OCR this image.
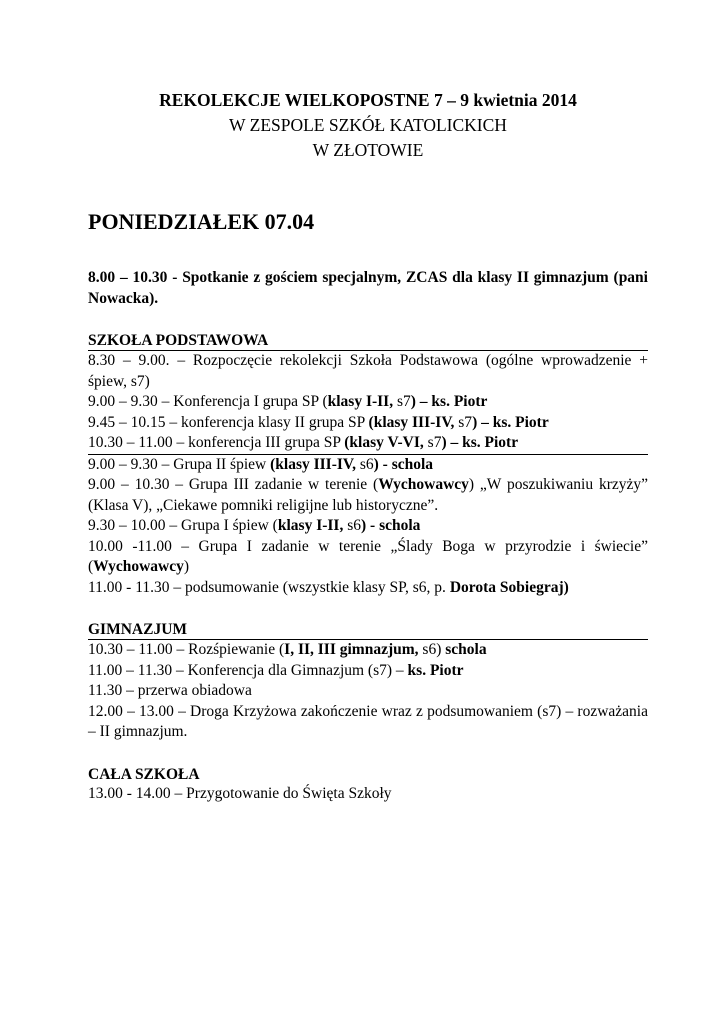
REKOLEKCJE WIELKOPOSTNE 7 – 9 kwietnia 2014
W ZESPOLE SZKÓŁ KATOLICKICH
W ZŁOTOWIE
PONIEDZIAŁEK 07.04
8.00 – 10.30 - Spotkanie z gościem specjalnym, ZCAS dla klasy II gimnazjum (pani Nowacka).
SZKOŁA PODSTAWOWA
8.30 – 9.00. – Rozpoczęcie rekolekcji Szkoła Podstawowa (ogólne wprowadzenie + śpiew, s7)
9.00 – 9.30 – Konferencja I grupa SP (klasy I-II, s7) – ks. Piotr
9.45 – 10.15 – konferencja klasy II grupa SP (klasy III-IV, s7) – ks. Piotr
10.30 – 11.00 – konferencja III grupa SP (klasy V-VI, s7) – ks. Piotr
9.00 – 9.30 – Grupa II śpiew (klasy III-IV, s6) - schola
9.00 – 10.30 – Grupa III zadanie w terenie (Wychowawcy) „W poszukiwaniu krzyży” (Klasa V), „Ciekawe pomniki religijne lub historyczne”.
9.30 – 10.00 – Grupa I śpiew (klasy I-II, s6) - schola
10.00 -11.00 – Grupa I zadanie w terenie „Ślady Boga w przyrodzie i świecie” (Wychowawcy)
11.00 - 11.30 – podsumowanie (wszystkie klasy SP, s6, p. Dorota Sobiegraj)
GIMNAZJUM
10.30 – 11.00 – Rozśpiewanie (I, II, III gimnazjum, s6) schola
11.00 – 11.30 – Konferencja dla Gimnazjum (s7) – ks. Piotr
11.30 – przerwa obiadowa
12.00 – 13.00 – Droga Krzyżowa zakończenie wraz z podsumowaniem (s7) – rozważania – II gimnazjum.
CAŁA SZKOŁA
13.00 - 14.00 – Przygotowanie do Święta Szkoły
